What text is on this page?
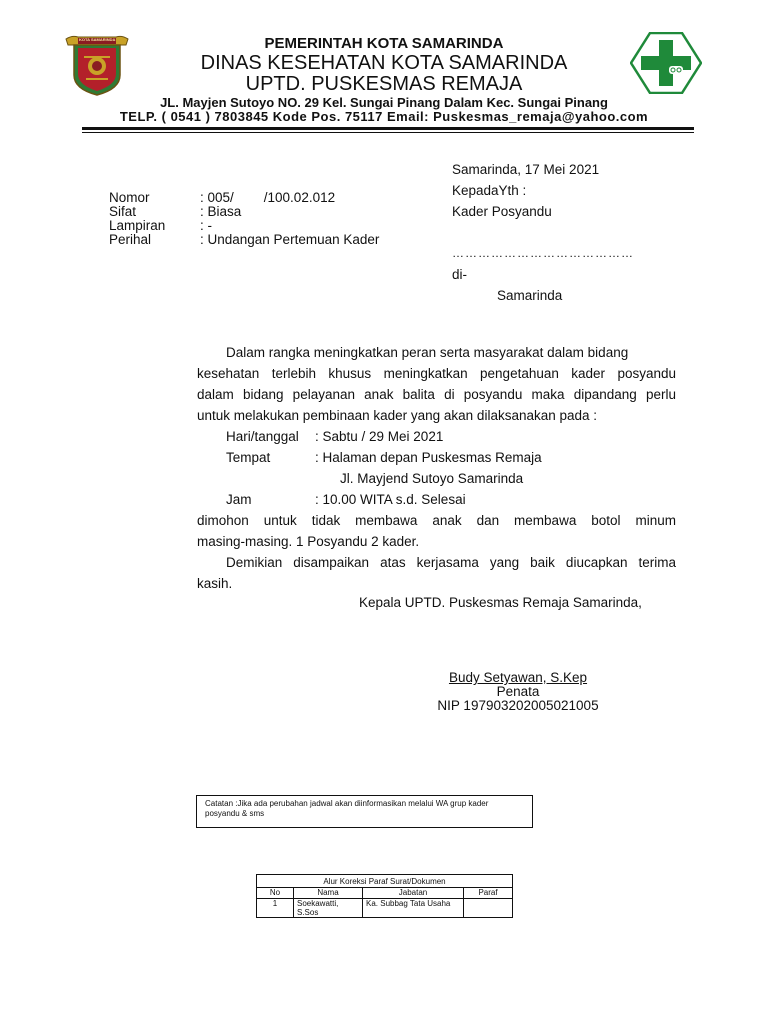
KOTA SAMARINDA	PEMERINTAH KOTA SAMARINDA
DINAS KESEHATAN KOTA SAMARINDA
UPTD. PUSKESMAS REMAJA
JL. Mayjen Sutoyo NO. 29 Kel. Sungai Pinang Dalam Kec. Sungai Pinang
TELP. ( 0541 ) 7803845 Kode Pos. 75117 Email: Puskesmas_remaja@yahoo.com
Samarinda, 17 Mei 2021
KepadaYth :
Kader Posyandu
……………………………………
di-
Samarinda
Nomor	: 005/        /100.02.012
Sifat	: Biasa
Lampiran	: -
Perihal	: Undangan Pertemuan Kader
Dalam rangka meningkatkan peran serta masyarakat dalam bidang
kesehatan terlebih khusus meningkatkan pengetahuan kader posyandu
dalam bidang pelayanan anak balita di posyandu maka dipandang perlu
untuk melakukan pembinaan kader yang akan dilaksanakan pada :
Hari/tanggal : Sabtu / 29 Mei 2021
Tempat	: Halaman depan Puskesmas Remaja
Jl. Mayjend Sutoyo Samarinda
Jam	: 10.00 WITA s.d. Selesai
dimohon untuk tidak membawa anak dan membawa botol minum
masing-masing. 1 Posyandu 2 kader.
Demikian disampaikan atas kerjasama yang baik diucapkan terima
kasih.
Kepala UPTD. Puskesmas Remaja Samarinda,
Budy Setyawan, S.Kep
Penata
NIP 197903202005021005
Catatan :Jika ada perubahan jadwal akan diinformasikan melalui WA grup kader posyandu & sms
Alur Koreksi Paraf Surat/Dokumen			
No	Nama	Jabatan	Paraf
1	Soekawatti, S.Sos	Ka. Subbag Tata Usaha	
